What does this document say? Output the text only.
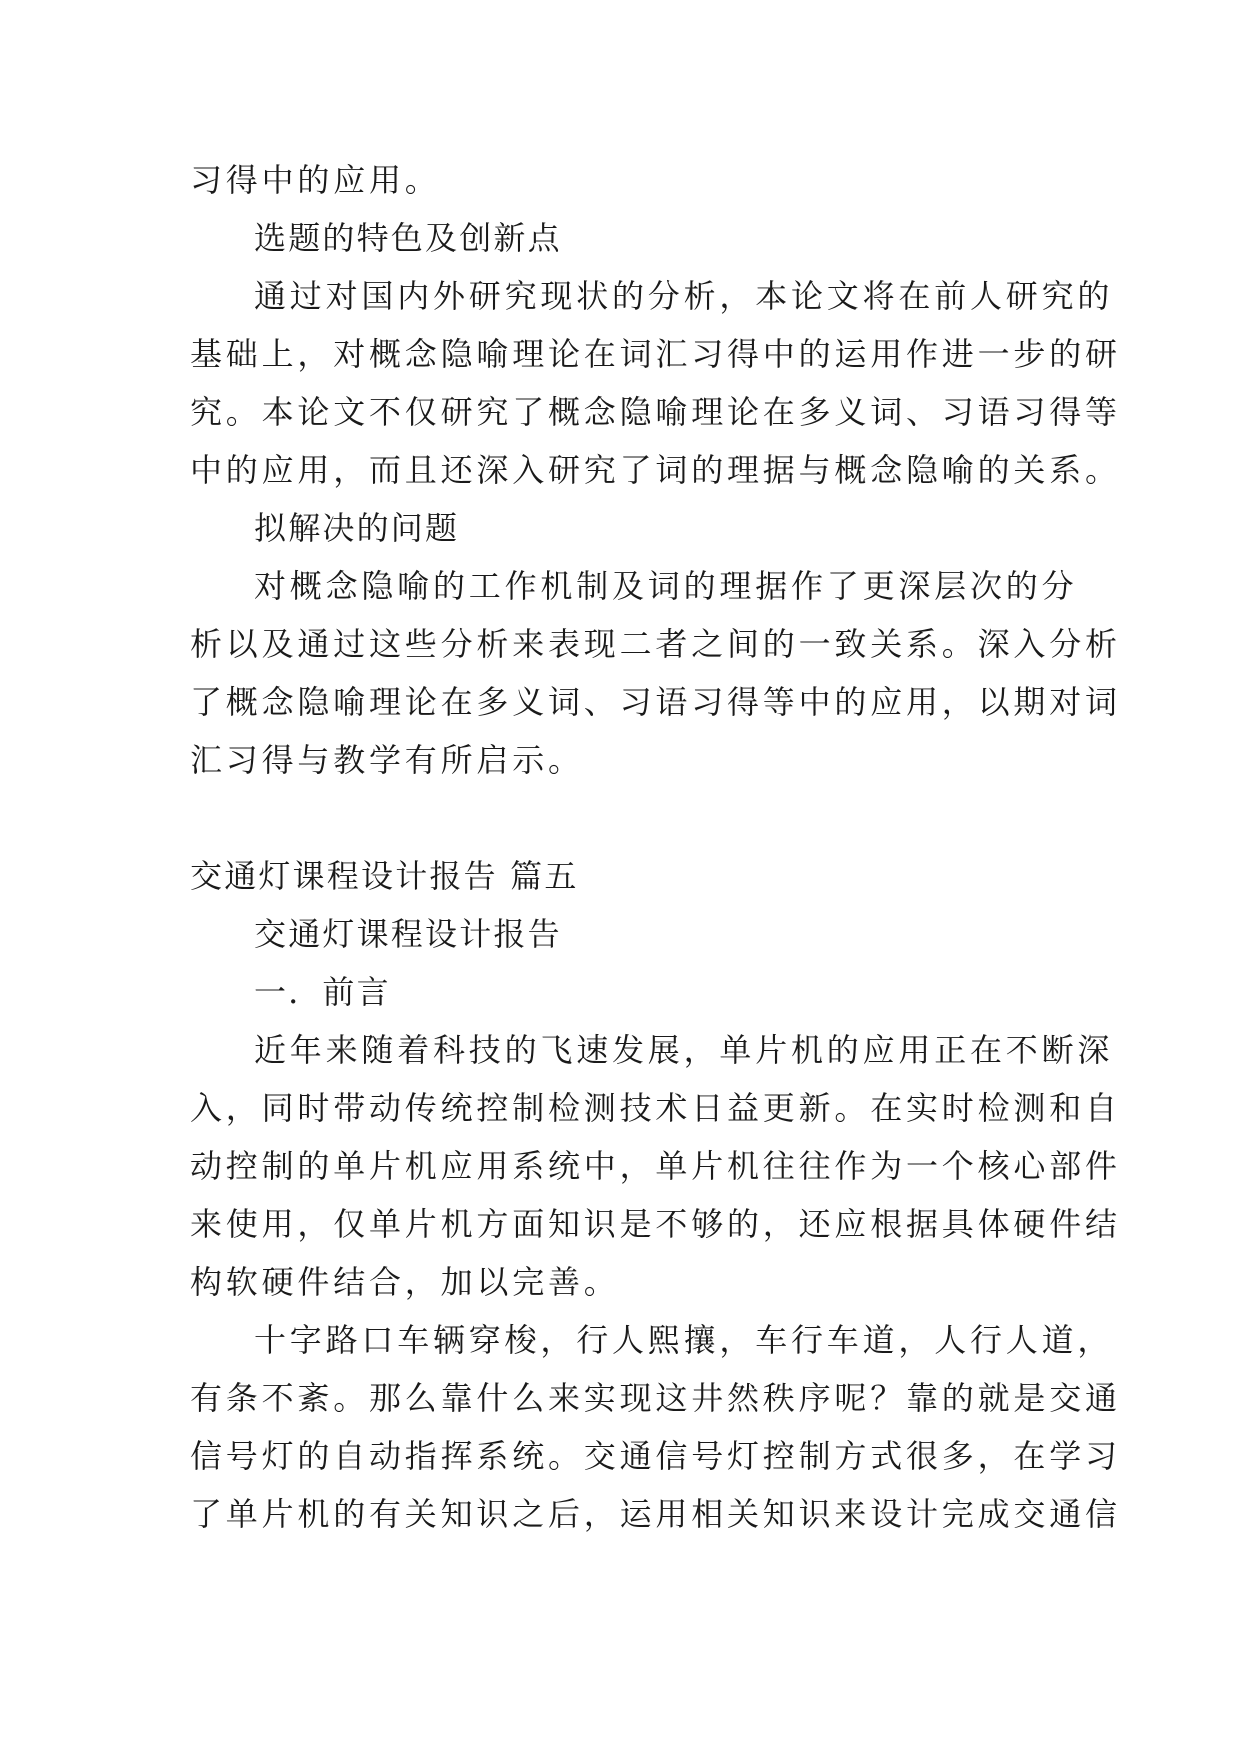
习得中的应用。
选题的特色及创新点
通过对国内外研究现状的分析，本论文将在前人研究的
基础上，对概念隐喻理论在词汇习得中的运用作进一步的研
究。本论文不仅研究了概念隐喻理论在多义词、习语习得等
中的应用，而且还深入研究了词的理据与概念隐喻的关系。
拟解决的问题
对概念隐喻的工作机制及词的理据作了更深层次的分
析以及通过这些分析来表现二者之间的一致关系。深入分析
了概念隐喻理论在多义词、习语习得等中的应用，以期对词
汇习得与教学有所启示。
交通灯课程设计报告 篇五
交通灯课程设计报告
一．前言
近年来随着科技的飞速发展，单片机的应用正在不断深
入，同时带动传统控制检测技术日益更新。在实时检测和自
动控制的单片机应用系统中，单片机往往作为一个核心部件
来使用，仅单片机方面知识是不够的，还应根据具体硬件结
构软硬件结合，加以完善。
十字路口车辆穿梭，行人熙攘，车行车道，人行人道，
有条不紊。那么靠什么来实现这井然秩序呢？靠的就是交通
信号灯的自动指挥系统。交通信号灯控制方式很多，在学习
了单片机的有关知识之后，运用相关知识来设计完成交通信
